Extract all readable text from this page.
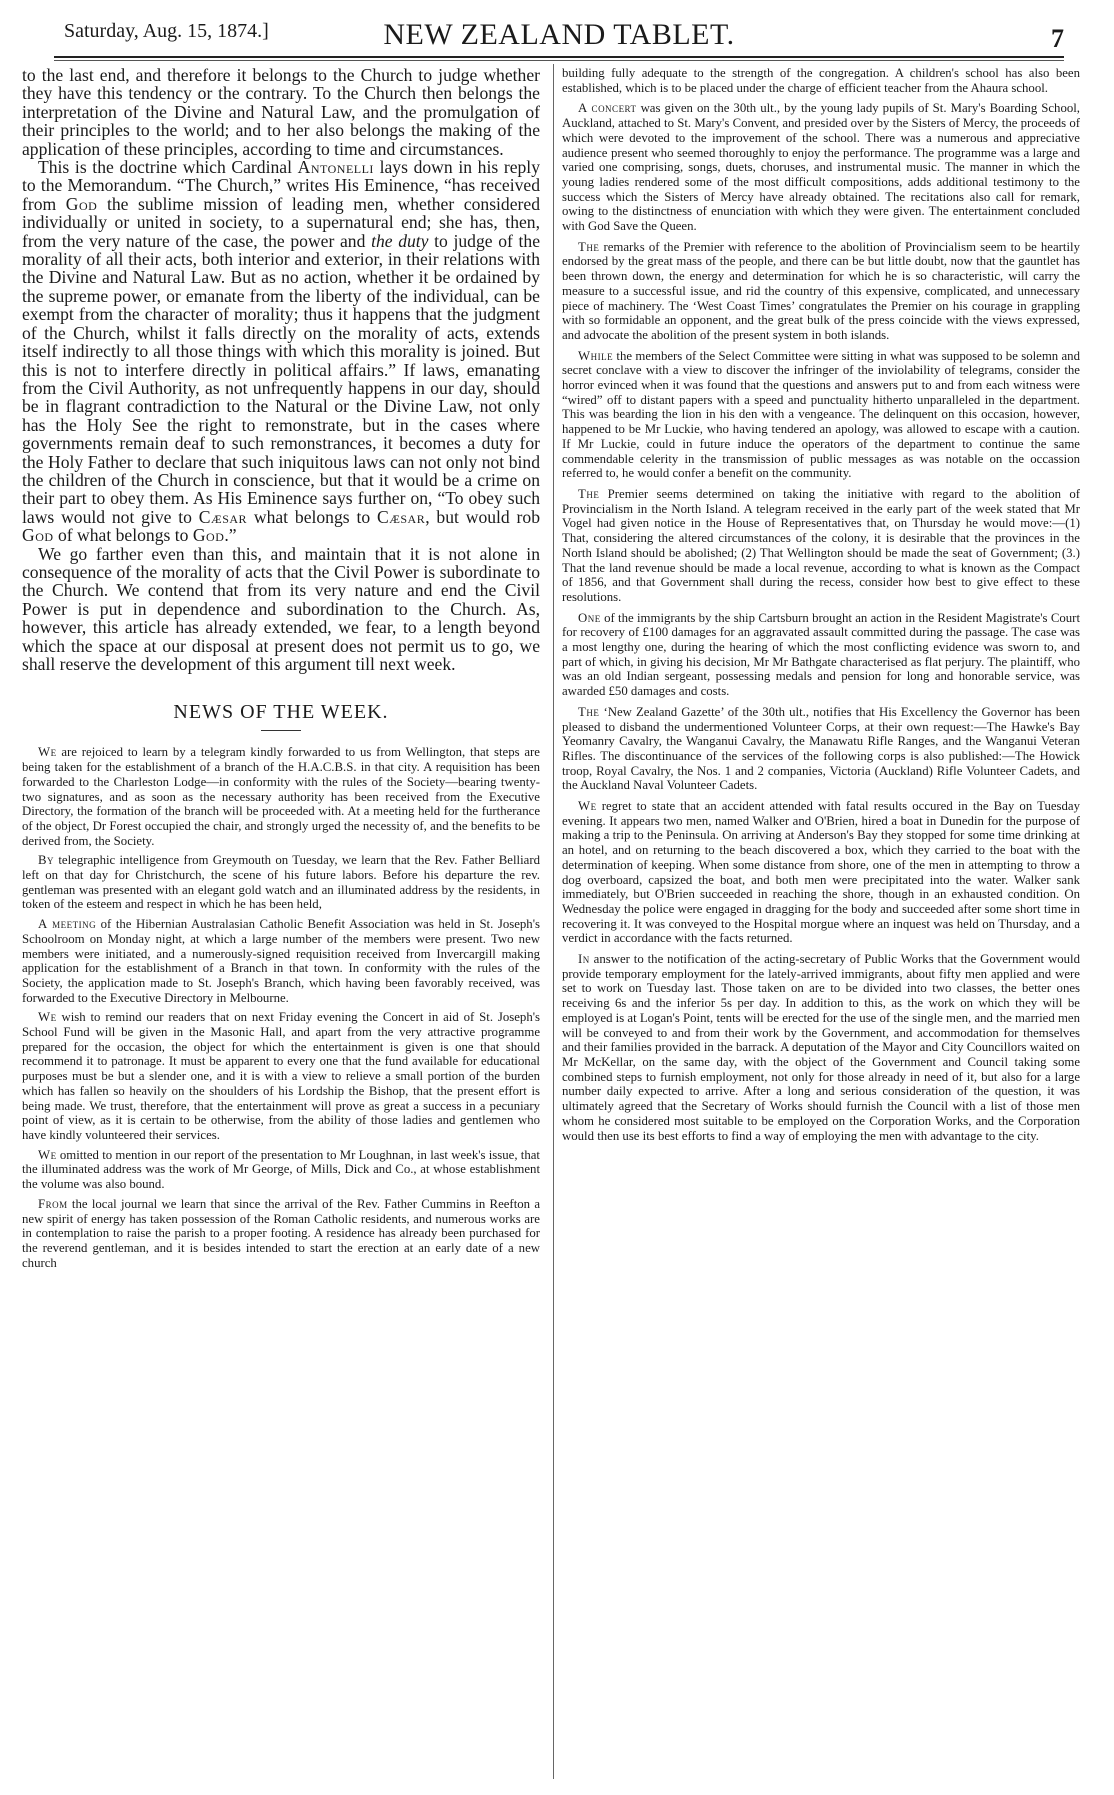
Saturday, Aug. 15, 1874.]	NEW ZEALAND TABLET.	7

to the last end, and therefore it belongs to the Church to judge whether they have this tendency or the contrary. To the Church then belongs the interpretation of the Divine and Natural Law, and the promulgation of their principles to the world; and to her also belongs the making of the application of these principles, according to time and circumstances.

This is the doctrine which Cardinal Antonelli lays down in his reply to the Memorandum. “The Church,” writes His Eminence, “has received from God the sublime mission of leading men, whether considered individually or united in society, to a supernatural end; she has, then, from the very nature of the case, the power and the duty to judge of the morality of all their acts, both interior and exterior, in their relations with the Divine and Natural Law. But as no action, whether it be ordained by the supreme power, or emanate from the liberty of the individual, can be exempt from the character of morality; thus it happens that the judgment of the Church, whilst it falls directly on the morality of acts, extends itself indirectly to all those things with which this morality is joined. But this is not to interfere directly in political affairs.” If laws, emanating from the Civil Authority, as not unfrequently happens in our day, should be in flagrant contradiction to the Natural or the Divine Law, not only has the Holy See the right to remonstrate, but in the cases where governments remain deaf to such remonstrances, it becomes a duty for the Holy Father to declare that such iniquitous laws can not only not bind the children of the Church in conscience, but that it would be a crime on their part to obey them. As His Eminence says further on, “To obey such laws would not give to Cæsar what belongs to Cæsar, but would rob God of what belongs to God.”

We go farther even than this, and maintain that it is not alone in consequence of the morality of acts that the Civil Power is subordinate to the Church. We contend that from its very nature and end the Civil Power is put in dependence and subordination to the Church. As, however, this article has already extended, we fear, to a length beyond which the space at our disposal at present does not permit us to go, we shall reserve the development of this argument till next week.

NEWS OF THE WEEK.

We are rejoiced to learn by a telegram kindly forwarded to us from Wellington, that steps are being taken for the establishment of a branch of the H.A.C.B.S. in that city. A requisition has been forwarded to the Charleston Lodge—in conformity with the rules of the Society—bearing twenty-two signatures, and as soon as the necessary authority has been received from the Executive Directory, the formation of the branch will be proceeded with. At a meeting held for the furtherance of the object, Dr Forest occupied the chair, and strongly urged the necessity of, and the benefits to be derived from, the Society.

By telegraphic intelligence from Greymouth on Tuesday, we learn that the Rev. Father Belliard left on that day for Christchurch, the scene of his future labors. Before his departure the rev. gentleman was presented with an elegant gold watch and an illuminated address by the residents, in token of the esteem and respect in which he has been held,

A meeting of the Hibernian Australasian Catholic Benefit Association was held in St. Joseph's Schoolroom on Monday night, at which a large number of the members were present. Two new members were initiated, and a numerously-signed requisition received from Invercargill making application for the establishment of a Branch in that town. In conformity with the rules of the Society, the application made to St. Joseph's Branch, which having been favorably received, was forwarded to the Executive Directory in Melbourne.

We wish to remind our readers that on next Friday evening the Concert in aid of St. Joseph's School Fund will be given in the Masonic Hall, and apart from the very attractive programme prepared for the occasion, the object for which the entertainment is given is one that should recommend it to patronage. It must be apparent to every one that the fund available for educational purposes must be but a slender one, and it is with a view to relieve a small portion of the burden which has fallen so heavily on the shoulders of his Lordship the Bishop, that the present effort is being made. We trust, therefore, that the entertainment will prove as great a success in a pecuniary point of view, as it is certain to be otherwise, from the ability of those ladies and gentlemen who have kindly volunteered their services.

We omitted to mention in our report of the presentation to Mr Loughnan, in last week's issue, that the illuminated address was the work of Mr George, of Mills, Dick and Co., at whose establishment the volume was also bound.

From the local journal we learn that since the arrival of the Rev. Father Cummins in Reefton a new spirit of energy has taken possession of the Roman Catholic residents, and numerous works are in contemplation to raise the parish to a proper footing. A residence has already been purchased for the reverend gentleman, and it is besides intended to start the erection at an early date of a new church

building fully adequate to the strength of the congregation. A children's school has also been established, which is to be placed under the charge of efficient teacher from the Ahaura school.

A concert was given on the 30th ult., by the young lady pupils of St. Mary's Boarding School, Auckland, attached to St. Mary's Convent, and presided over by the Sisters of Mercy, the proceeds of which were devoted to the improvement of the school. There was a numerous and appreciative audience present who seemed thoroughly to enjoy the performance. The programme was a large and varied one comprising, songs, duets, choruses, and instrumental music. The manner in which the young ladies rendered some of the most difficult compositions, adds additional testimony to the success which the Sisters of Mercy have already obtained. The recitations also call for remark, owing to the distinctness of enunciation with which they were given. The entertainment concluded with God Save the Queen.

The remarks of the Premier with reference to the abolition of Provincialism seem to be heartily endorsed by the great mass of the people, and there can be but little doubt, now that the gauntlet has been thrown down, the energy and determination for which he is so characteristic, will carry the measure to a successful issue, and rid the country of this expensive, complicated, and unnecessary piece of machinery. The ‘West Coast Times’ congratulates the Premier on his courage in grappling with so formidable an opponent, and the great bulk of the press coincide with the views expressed, and advocate the abolition of the present system in both islands.

While the members of the Select Committee were sitting in what was supposed to be solemn and secret conclave with a view to discover the infringer of the inviolability of telegrams, consider the horror evinced when it was found that the questions and answers put to and from each witness were “wired” off to distant papers with a speed and punctuality hitherto unparalleled in the department. This was bearding the lion in his den with a vengeance. The delinquent on this occasion, however, happened to be Mr Luckie, who having tendered an apology, was allowed to escape with a caution. If Mr Luckie, could in future induce the operators of the department to continue the same commendable celerity in the transmission of public messages as was notable on the occassion referred to, he would confer a benefit on the community.

The Premier seems determined on taking the initiative with regard to the abolition of Provincialism in the North Island. A telegram received in the early part of the week stated that Mr Vogel had given notice in the House of Representatives that, on Thursday he would move:—(1) That, considering the altered circumstances of the colony, it is desirable that the provinces in the North Island should be abolished; (2) That Wellington should be made the seat of Government; (3.) That the land revenue should be made a local revenue, according to what is known as the Compact of 1856, and that Government shall during the recess, consider how best to give effect to these resolutions.

One of the immigrants by the ship Cartsburn brought an action in the Resident Magistrate's Court for recovery of £100 damages for an aggravated assault committed during the passage. The case was a most lengthy one, during the hearing of which the most conflicting evidence was sworn to, and part of which, in giving his decision, Mr Mr Bathgate characterised as flat perjury. The plaintiff, who was an old Indian sergeant, possessing medals and pension for long and honorable service, was awarded £50 damages and costs.

The ‘New Zealand Gazette’ of the 30th ult., notifies that His Excellency the Governor has been pleased to disband the undermentioned Volunteer Corps, at their own request:—The Hawke's Bay Yeomanry Cavalry, the Wanganui Cavalry, the Manawatu Rifle Ranges, and the Wanganui Veteran Rifles. The discontinuance of the services of the following corps is also published:—The Howick troop, Royal Cavalry, the Nos. 1 and 2 companies, Victoria (Auckland) Rifle Volunteer Cadets, and the Auckland Naval Volunteer Cadets.

We regret to state that an accident attended with fatal results occured in the Bay on Tuesday evening. It appears two men, named Walker and O'Brien, hired a boat in Dunedin for the purpose of making a trip to the Peninsula. On arriving at Anderson's Bay they stopped for some time drinking at an hotel, and on returning to the beach discovered a box, which they carried to the boat with the determination of keeping. When some distance from shore, one of the men in attempting to throw a dog overboard, capsized the boat, and both men were precipitated into the water. Walker sank immediately, but O'Brien succeeded in reaching the shore, though in an exhausted condition. On Wednesday the police were engaged in dragging for the body and succeeded after some short time in recovering it. It was conveyed to the Hospital morgue where an inquest was held on Thursday, and a verdict in accordance with the facts returned.

In answer to the notification of the acting-secretary of Public Works that the Government would provide temporary employment for the lately-arrived immigrants, about fifty men applied and were set to work on Tuesday last. Those taken on are to be divided into two classes, the better ones receiving 6s and the inferior 5s per day. In addition to this, as the work on which they will be employed is at Logan's Point, tents will be erected for the use of the single men, and the married men will be conveyed to and from their work by the Government, and accommodation for themselves and their families provided in the barrack. A deputation of the Mayor and City Councillors waited on Mr McKellar, on the same day, with the object of the Government and Council taking some combined steps to furnish employment, not only for those already in need of it, but also for a large number daily expected to arrive. After a long and serious consideration of the question, it was ultimately agreed that the Secretary of Works should furnish the Council with a list of those men whom he considered most suitable to be employed on the Corporation Works, and the Corporation would then use its best efforts to find a way of employing the men with advantage to the city.
